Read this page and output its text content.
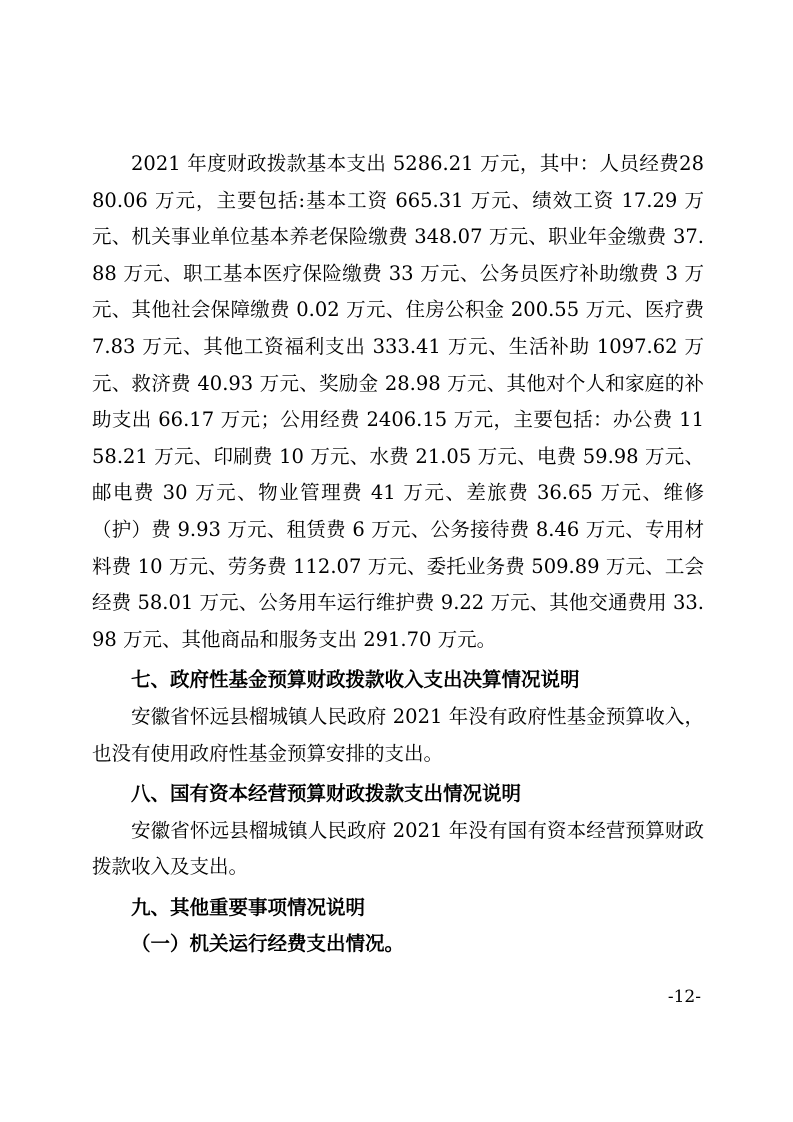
2021 年度财政拨款基本支出 5286.21 万元，其中：人员经费2880.06 万元，主要包括:基本工资 665.31 万元、绩效工资 17.29 万元、机关事业单位基本养老保险缴费 348.07 万元、职业年金缴费 37.88 万元、职工基本医疗保险缴费 33 万元、公务员医疗补助缴费 3 万元、其他社会保障缴费 0.02 万元、住房公积金 200.55 万元、医疗费 7.83 万元、其他工资福利支出 333.41 万元、生活补助 1097.62 万元、救济费 40.93 万元、奖励金 28.98 万元、其他对个人和家庭的补助支出 66.17 万元；公用经费 2406.15 万元，主要包括：办公费 1158.21 万元、印刷费 10 万元、水费 21.05 万元、电费 59.98 万元、邮电费 30 万元、物业管理费 41 万元、差旅费 36.65 万元、维修（护）费 9.93 万元、租赁费 6 万元、公务接待费 8.46 万元、专用材料费 10 万元、劳务费 112.07 万元、委托业务费 509.89 万元、工会经费 58.01 万元、公务用车运行维护费 9.22 万元、其他交通费用 33.98 万元、其他商品和服务支出 291.70 万元。

七、政府性基金预算财政拨款收入支出决算情况说明

安徽省怀远县榴城镇人民政府 2021 年没有政府性基金预算收入，也没有使用政府性基金预算安排的支出。

八、国有资本经营预算财政拨款支出情况说明

安徽省怀远县榴城镇人民政府 2021 年没有国有资本经营预算财政拨款收入及支出。

九、其他重要事项情况说明

（一）机关运行经费支出情况。

-12-
